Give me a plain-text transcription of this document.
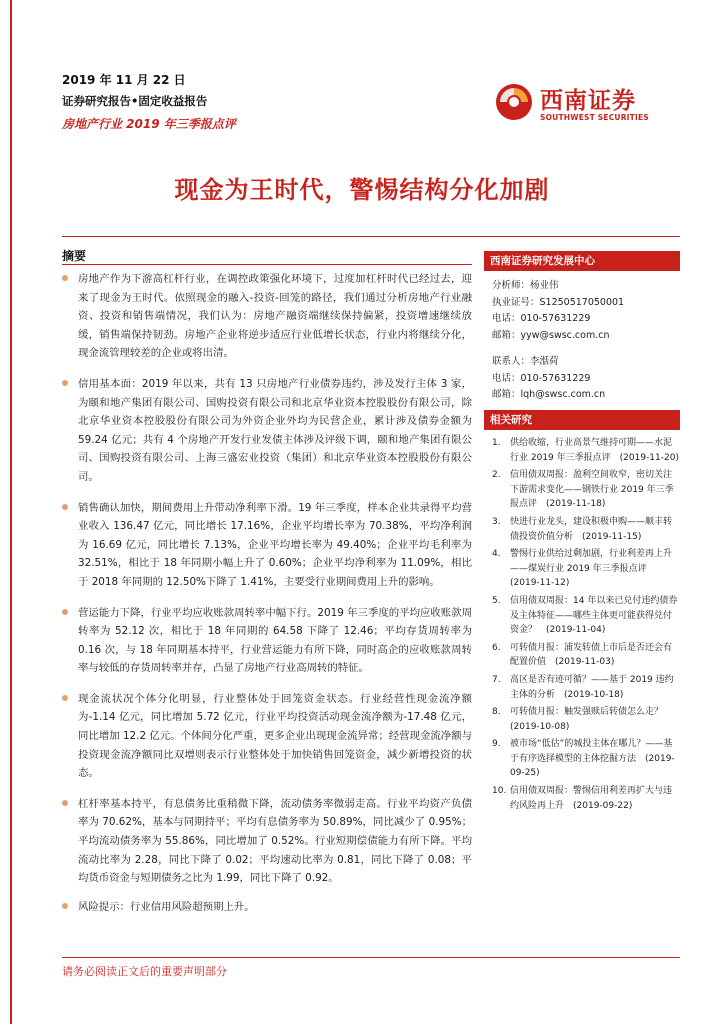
2019 年 11 月 22 日
证券研究报告•固定收益报告
房地产行业 2019 年三季报点评
西南证券
SOUTHWEST SECURITIES
现金为王时代，警惕结构分化加剧
摘要
房地产作为下游高杠杆行业，在调控政策强化环境下，过度加杠杆时代已经过去，迎来了现金为王时代。依照现金的融入-投资-回笼的路径，我们通过分析房地产行业融资、投资和销售端情况，我们认为：房地产融资端继续保持偏紧，投资增速继续放缓，销售端保持韧劲。房地产企业将逆步适应行业低增长状态，行业内将继续分化，现金流管理较差的企业或将出清。
信用基本面：2019 年以来，共有 13 只房地产行业债券违约，涉及发行主体 3 家，为颐和地产集团有限公司、国购投资有限公司和北京华业资本控股股份有限公司，除北京华业资本控股股份有限公司为外资企业外均为民营企业，累计涉及债券金额为 59.24 亿元；共有 4 个房地产开发行业发债主体涉及评级下调，颐和地产集团有限公司、国购投资有限公司、上海三盛宏业投资（集团）和北京华业资本控股股份有限公司。
销售确认加快，期间费用上升带动净利率下滑。19 年三季度，样本企业共录得平均营业收入 136.47 亿元，同比增长 17.16%，企业平均增长率为 70.38%，平均净利润为 16.69 亿元，同比增长 7.13%，企业平均增长率为 49.40%；企业平均毛利率为 32.51%，相比于 18 年同期小幅上升了 0.60%；企业平均净利率为 11.09%，相比于 2018 年同期的 12.50%下降了 1.41%，主要受行业期间费用上升的影响。
营运能力下降，行业平均应收账款周转率中幅下行。2019 年三季度的平均应收账款周转率为 52.12 次，相比于 18 年同期的 64.58 下降了 12.46；平均存货周转率为 0.16 次，与 18 年同期基本持平，行业营运能力有所下降，同时高企的应收账款周转率与较低的存货周转率并存，凸显了房地产行业高周转的特征。
现金流状况个体分化明显，行业整体处于回笼资金状态。行业经营性现金流净额为-1.14 亿元，同比增加 5.72 亿元，行业平均投资活动现金流净额为-17.48 亿元，同比增加 12.2 亿元。个体间分化严重，更多企业出现现金流异常；经营现金流净额与投资现金流净额同比双增则表示行业整体处于加快销售回笼资金，减少新增投资的状态。
杠杆率基本持平，有息债务比重稍微下降，流动债务率微弱走高。行业平均资产负债率为 70.62%，基本与同期持平；平均有息债务率为 50.89%，同比减少了 0.95%；平均流动债务率为 55.86%，同比增加了 0.52%。行业短期偿债能力有所下降。平均流动比率为 2.28，同比下降了 0.02；平均速动比率为 0.81，同比下降了 0.08；平均货币资金与短期债务之比为 1.99，同比下降了 0.92。
风险提示：行业信用风险超预期上升。
西南证券研究发展中心
分析师：杨业伟
执业证号：S1250517050001
电话：010-57631229
邮箱：yyw@swsc.com.cn
联系人：李湉荷
电话：010-57631229
邮箱：lqh@swsc.com.cn
相关研究
1. 供给收缩，行业高景气维持可期——水泥行业 2019 年三季报点评　(2019-11-20)
2. 信用债双周报：盈利空间收窄，密切关注下游需求变化——钢铁行业 2019 年三季报点评　(2019-11-18)
3. 快进行业龙头，建设积极申购——顺丰转债投资价值分析　(2019-11-15)
4. 警惕行业供给过剩加剧，行业利差再上升——煤炭行业 2019 年三季报点评　(2019-11-12)
5. 信用债双周报：14 年以来已兑付违约债券及主体特征——哪些主体更可能获得兑付资金？　(2019-11-04)
6. 可转债月报：浦发转债上市后是否还会有配置价值　(2019-11-03)
7. 高区是否有迹可循？——基于 2019 违约主体的分析　(2019-10-18)
8. 可转债月报：触发强赎后转债怎么走？　(2019-10-08)
9. 被市场“低估”的城投主体在哪儿？——基于有序选择模型的主体挖掘方法　(2019-09-25)
10. 信用债双周报：警惕信用利差再扩大与违约风险再上升　(2019-09-22)
请务必阅读正文后的重要声明部分
